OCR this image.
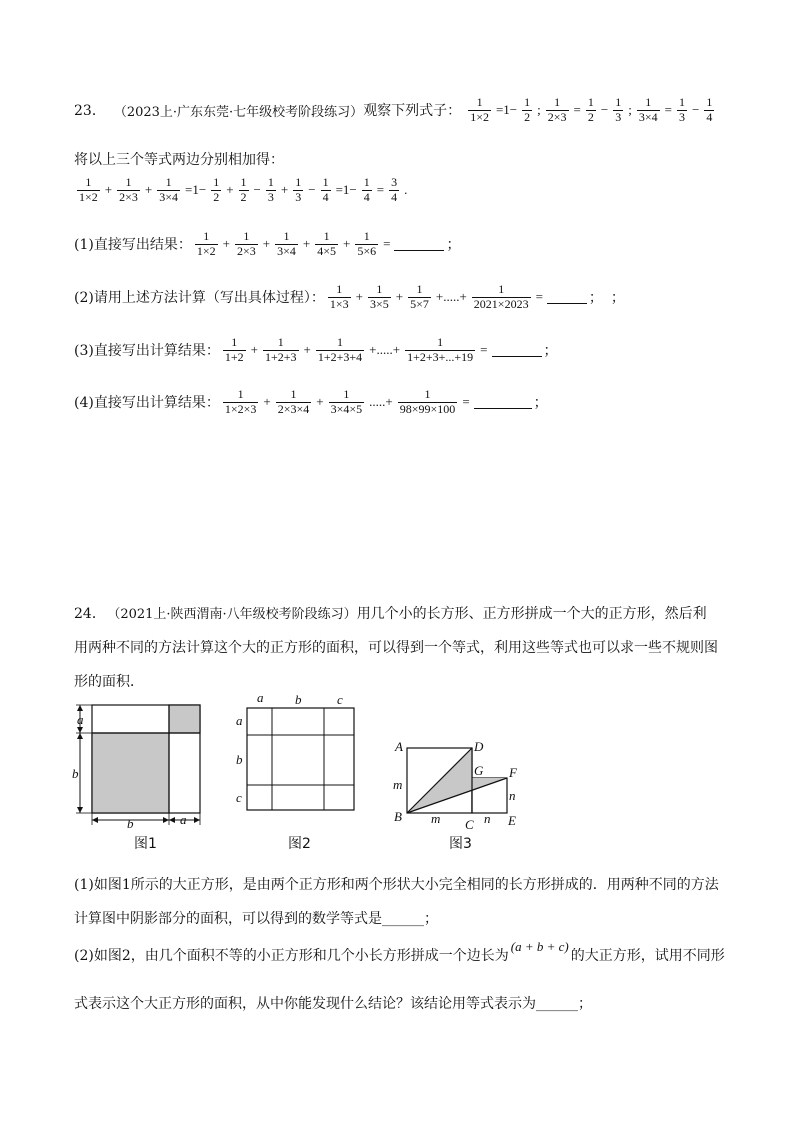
23． （2023上·广东东莞·七年级校考阶段练习） 观察下列式子： $\frac{1}{1\times 2} =1- \frac{1}{2}$ ; $\frac{1}{2\times 3} = \frac{1}{2} - \frac{1}{3}$ ; $\frac{1}{3\times 4} = \frac{1}{3} - \frac{1}{4}$
将以上三个等式两边分别相加得：
$\frac{1}{1\times 2} + \frac{1}{2\times 3} + \frac{1}{3\times 4} =1- \frac{1}{2} + \frac{1}{2} - \frac{1}{3} + \frac{1}{3} - \frac{1}{4} =1- \frac{1}{4} = \frac{3}{4}$ .
(1)直接写出结果： $\frac{1}{1\times 2} + \frac{1}{2\times 3} + \frac{1}{3\times 4} + \frac{1}{4\times 5} + \frac{1}{5\times 6}$ =	；
(2)请用上述方法计算（写出具体过程）： $\frac{1}{1\times 3} + \frac{1}{3\times 5} + \frac{1}{5\times 7}$ +.....+ $\frac{1}{2021\times 2023}$ =	； ；
(3)直接写出计算结果： $\frac{1}{1+2} + \frac{1}{1+2+3} + \frac{1}{1+2+3+4}$ +.....+ $\frac{1}{1+2+3+...+19}$ =	；
(4)直接写出计算结果： $\frac{1}{1\times 2\times 3} + \frac{1}{2\times 3\times 4} + \frac{1}{3\times 4\times 5}$ .....+ $\frac{1}{98\times 99\times 100}$ =	；
24． （2021上·陕西渭南·八年级校考阶段练习）用几个小的长方形、正方形拼成一个大的正方形，然后利
用两种不同的方法计算这个大的正方形的面积，可以得到一个等式，利用这些等式也可以求一些不规则图
形的面积．
a
b
b	a
图1
a b	c
a
b
c
图2
A	D
G F
m
n
B m C n E
图3
(1)如图1所示的大正方形，是由两个正方形和两个形状大小完全相同的长方形拼成的．用两种不同的方法
计算图中阴影部分的面积，可以得到的数学等式是______；
(2)如图2，由几个面积不等的小正方形和几个小长方形拼成一个边长为
(a + b + c)
的大正方形，试用不同形
式表示这个大正方形的面积，从中你能发现什么结论？该结论用等式表示为______；
